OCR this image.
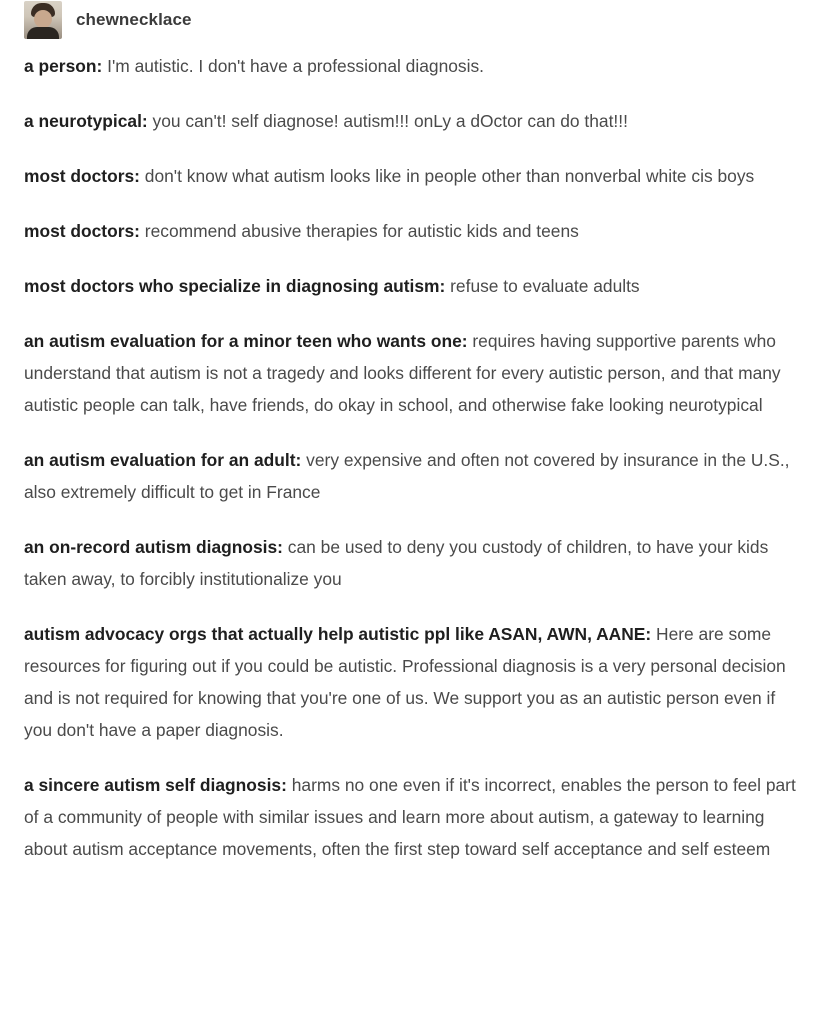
chewnecklace

a person: I'm autistic. I don't have a professional diagnosis.

a neurotypical: you can't! self diagnose! autism!!! onLy a dOctor can do that!!!

most doctors: don't know what autism looks like in people other than nonverbal white cis boys

most doctors: recommend abusive therapies for autistic kids and teens

most doctors who specialize in diagnosing autism: refuse to evaluate adults

an autism evaluation for a minor teen who wants one: requires having supportive parents who understand that autism is not a tragedy and looks different for every autistic person, and that many autistic people can talk, have friends, do okay in school, and otherwise fake looking neurotypical

an autism evaluation for an adult: very expensive and often not covered by insurance in the U.S., also extremely difficult to get in France

an on-record autism diagnosis: can be used to deny you custody of children, to have your kids taken away, to forcibly institutionalize you

autism advocacy orgs that actually help autistic ppl like ASAN, AWN, AANE: Here are some resources for figuring out if you could be autistic. Professional diagnosis is a very personal decision and is not required for knowing that you're one of us. We support you as an autistic person even if you don't have a paper diagnosis.

a sincere autism self diagnosis: harms no one even if it's incorrect, enables the person to feel part of a community of people with similar issues and learn more about autism, a gateway to learning about autism acceptance movements, often the first step toward self acceptance and self esteem
